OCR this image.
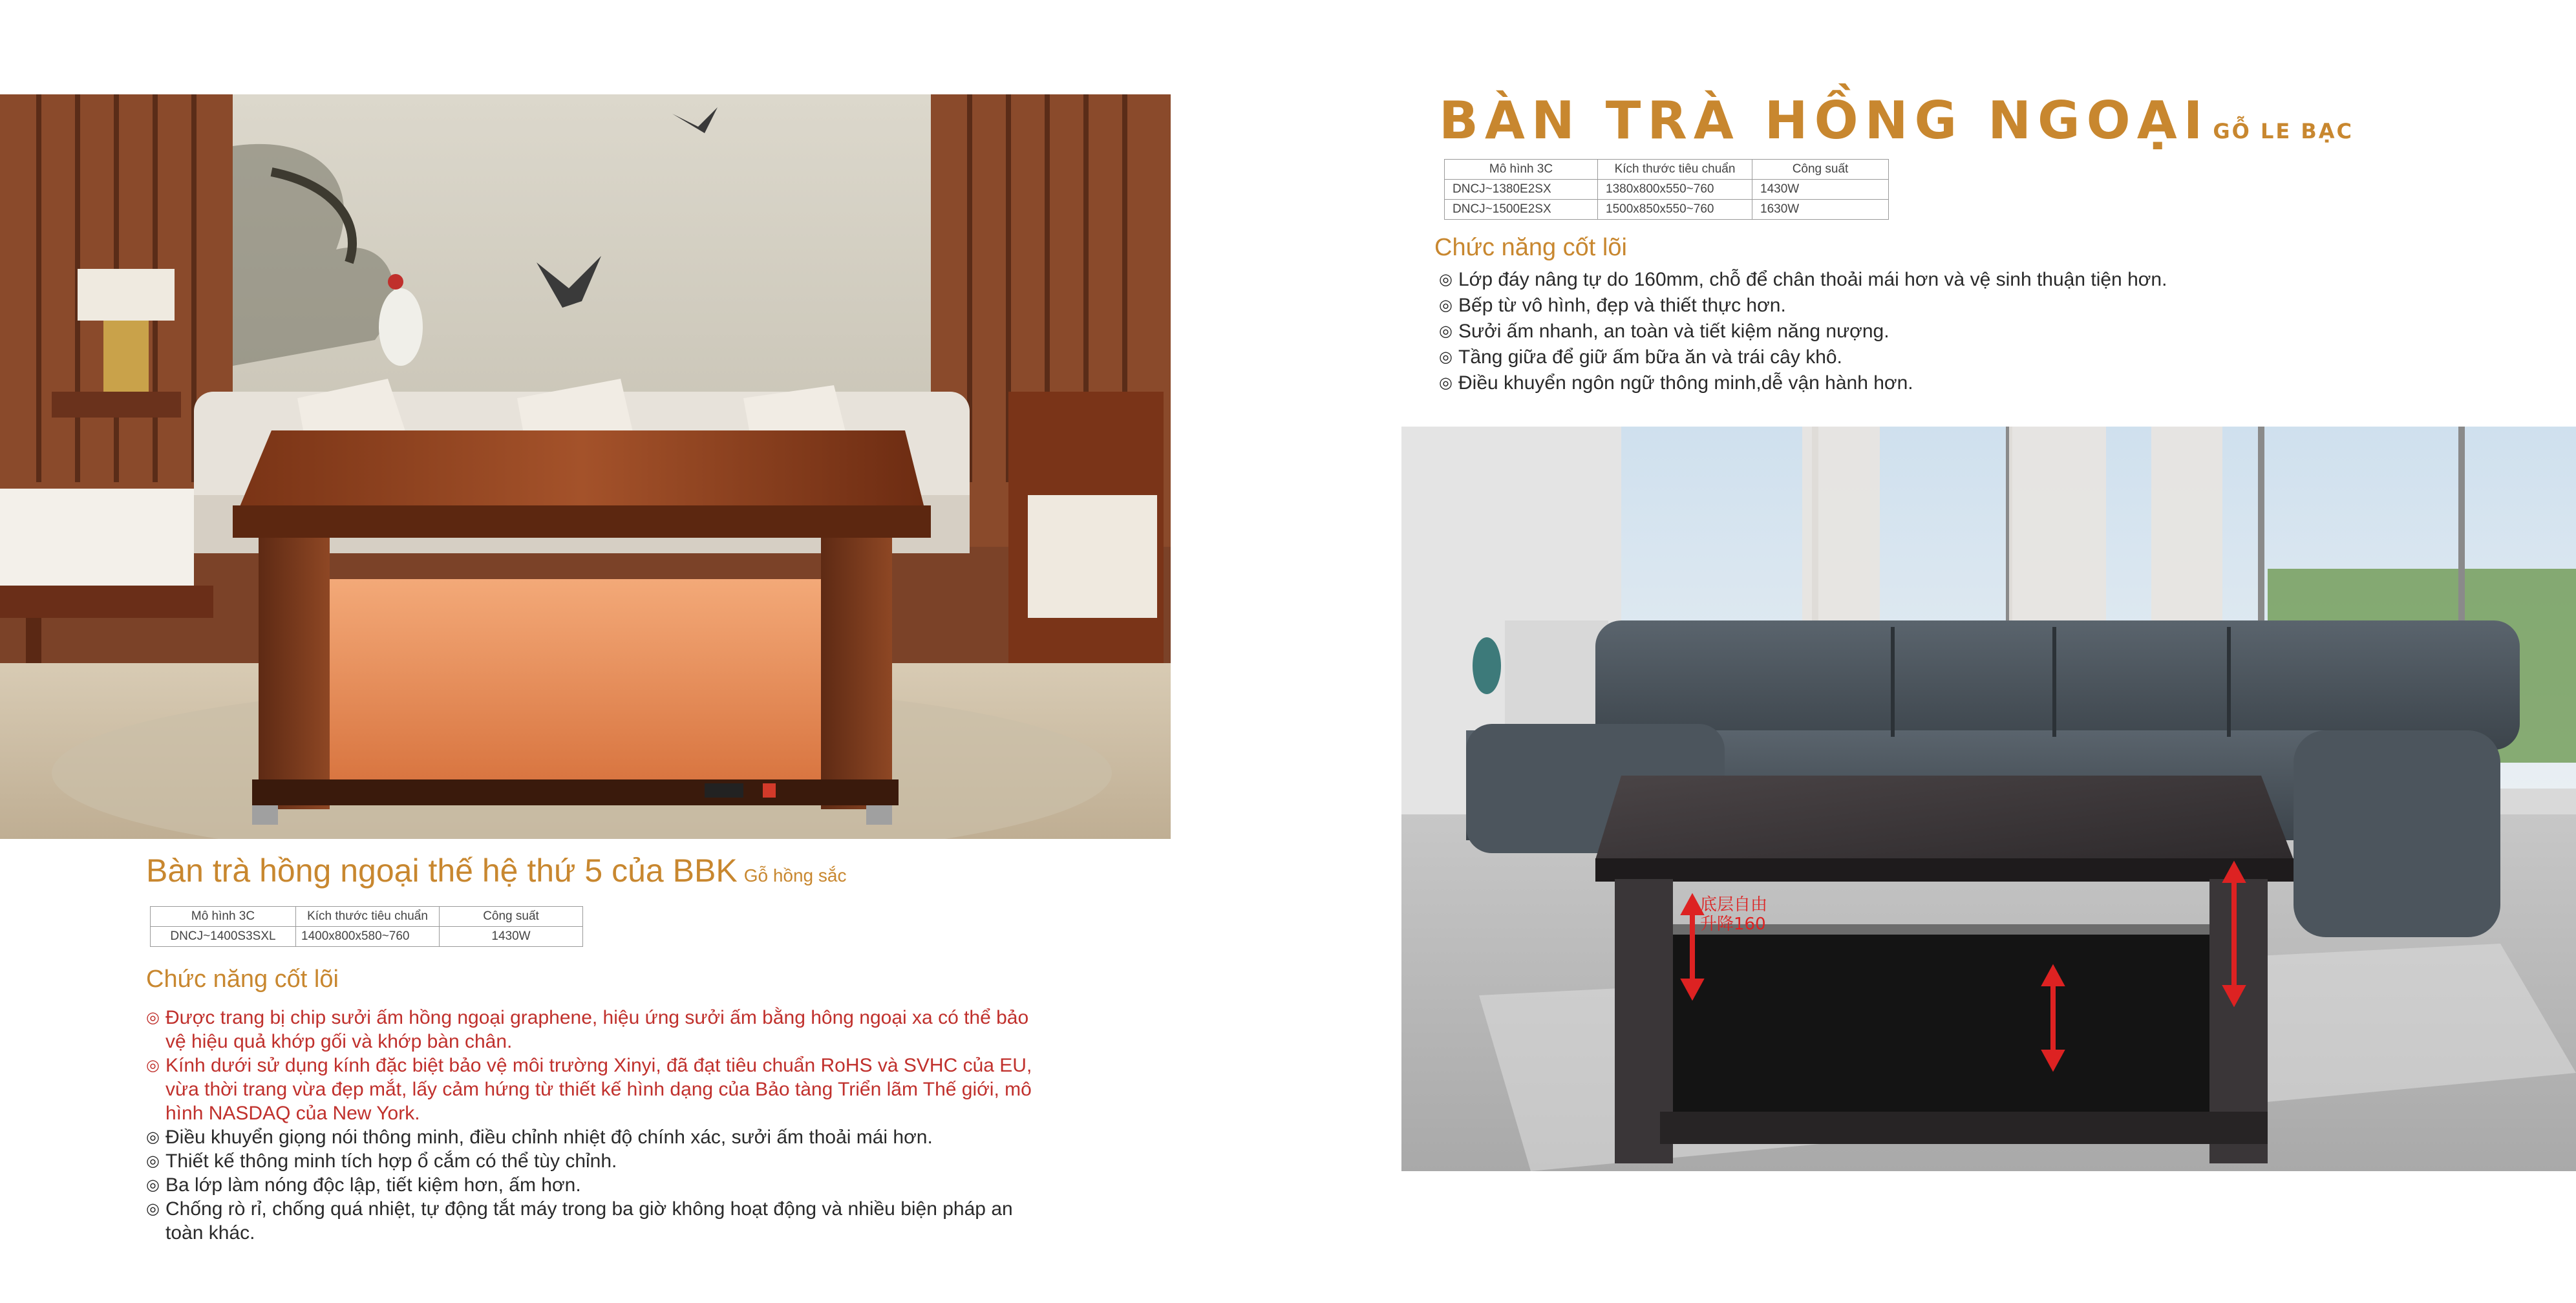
Bàn trà hồng ngoại thế hệ thứ 5 của BBK Gỗ hồng sắc
Mô hình 3C	Kích thước tiêu chuẩn	Công suất
DNCJ~1400S3SXL	1400x800x580~760	1430W
Chức năng cốt lõi
◎ Được trang bị chip sưởi ấm hồng ngoại graphene, hiệu ứng sưởi ấm bằng hông ngoại xa có thể bảo vệ hiệu quả khớp gối và khớp bàn chân.
◎ Kính dưới sử dụng kính đặc biệt bảo vệ môi trường Xinyi, đã đạt tiêu chuẩn RoHS và SVHC của EU, vừa thời trang vừa đẹp mắt, lấy cảm hứng từ thiết kế hình dạng của Bảo tàng Triển lãm Thế giới, mô hình NASDAQ của New York.
◎ Điều khuyển giọng nói thông minh, điều chỉnh nhiệt độ chính xác, sưởi ấm thoải mái hơn.
◎ Thiết kế thông minh tích hợp ổ cắm có thể tùy chỉnh.
◎ Ba lớp làm nóng độc lập, tiết kiệm hơn, ấm hơn.
◎ Chống rò rỉ, chống quá nhiệt, tự động tắt máy trong ba giờ không hoạt động và nhiều biện pháp an toàn khác.
BÀN TRÀ HỒNG NGOẠI GỖ LE BẠC
Mô hình 3C	Kích thước tiêu chuẩn	Công suất
DNCJ~1380E2SX	1380x800x550~760	1430W
DNCJ~1500E2SX	1500x850x550~760	1630W
Chức năng cốt lõi
◎ Lớp đáy nâng tự do 160mm, chỗ để chân thoải mái hơn và vệ sinh thuận tiện hơn.
◎ Bếp từ vô hình, đẹp và thiết thực hơn.
◎ Sưởi ấm nhanh, an toàn và tiết kiệm năng nượng.
◎ Tầng giữa để giữ ấm bữa ăn và trái cây khô.
◎ Điều khuyển ngôn ngữ thông minh,dễ vận hành hơn.
底层自由
升降160
